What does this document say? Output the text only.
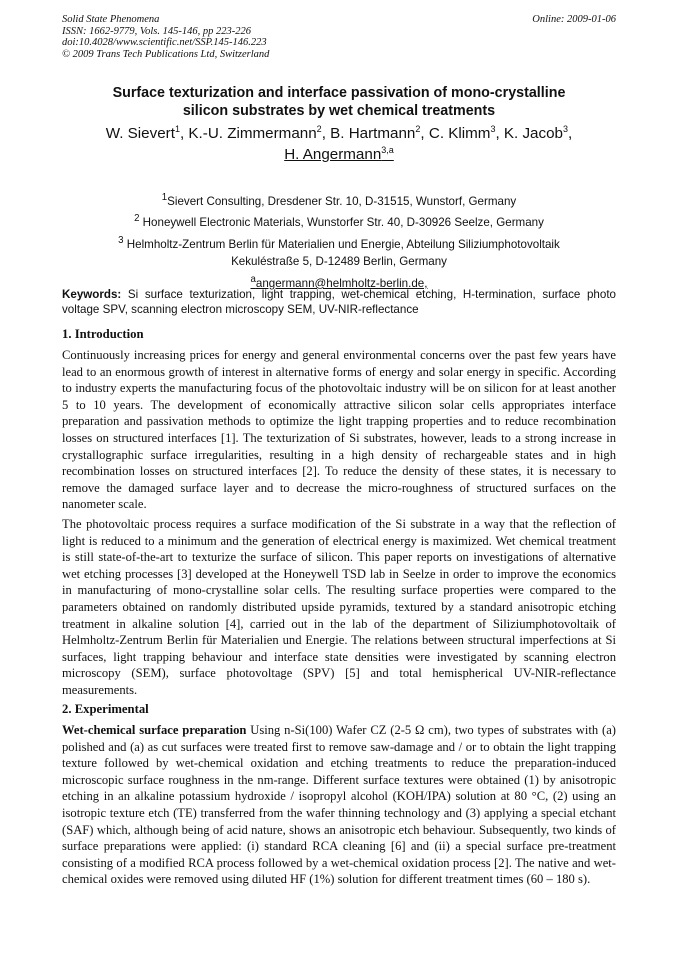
Solid State Phenomena
ISSN: 1662-9779, Vols. 145-146, pp 223-226
doi:10.4028/www.scientific.net/SSP.145-146.223
© 2009 Trans Tech Publications Ltd, Switzerland
Online: 2009-01-06
Surface texturization and interface passivation of mono-crystalline
silicon substrates by wet chemical treatments
W. Sievert$^1$, K.-U. Zimmermann$^2$, B. Hartmann$^2$, C. Klimm$^3$, K. Jacob$^3$,
H. Angermann$^{3,a}$
$^1$Sievert Consulting, Dresdener Str. 10, D-31515, Wunstorf, Germany
$^2$ Honeywell Electronic Materials, Wunstorfer Str. 40, D-30926 Seelze, Germany
$^3$ Helmholtz-Zentrum Berlin für Materialien und Energie, Abteilung Siliziumphotovoltaik
Kekuléstraße 5, D-12489 Berlin, Germany
$^a$angermann@helmholtz-berlin.de,
Keywords: Si surface texturization, light trapping, wet-chemical etching, H-termination, surface photo voltage SPV, scanning electron microscopy SEM, UV-NIR-reflectance
1. Introduction
Continuously increasing prices for energy and general environmental concerns over the past few years have lead to an enormous growth of interest in alternative forms of energy and solar energy in specific. According to industry experts the manufacturing focus of the photovoltaic industry will be on silicon for at least another 5 to 10 years. The development of economically attractive silicon solar cells appropriates interface preparation and passivation methods to optimize the light trapping properties and to reduce recombination losses on structured interfaces [1]. The texturization of Si substrates, however, leads to a strong increase in crystallographic surface irregularities, resulting in a high density of rechargeable states and in high recombination losses on structured interfaces [2]. To reduce the density of these states, it is necessary to remove the damaged surface layer and to decrease the micro-roughness of structured surfaces on the nanometer scale.
The photovoltaic process requires a surface modification of the Si substrate in a way that the reflection of light is reduced to a minimum and the generation of electrical energy is maximized. Wet chemical treatment is still state-of-the-art to texturize the surface of silicon. This paper reports on investigations of alternative wet etching processes [3] developed at the Honeywell TSD lab in Seelze in order to improve the economics in manufacturing of mono-crystalline solar cells. The resulting surface properties were compared to the parameters obtained on randomly distributed upside pyramids, textured by a standard anisotropic etching treatment in alkaline solution [4], carried out in the lab of the department of Siliziumphotovoltaik of Helmholtz-Zentrum Berlin für Materialien und Energie. The relations between structural imperfections at Si surfaces, light trapping behaviour and interface state densities were investigated by scanning electron microscopy (SEM), surface photovoltage (SPV) [5] and total hemispherical UV-NIR-reflectance measurements.
2. Experimental
Wet-chemical surface preparation Using n-Si(100) Wafer CZ (2-5 Ω cm), two types of substrates with (a) polished and (a) as cut surfaces were treated first to remove saw-damage and / or to obtain the light trapping texture followed by wet-chemical oxidation and etching treatments to reduce the preparation-induced microscopic surface roughness in the nm-range. Different surface textures were obtained (1) by anisotropic etching in an alkaline potassium hydroxide / isopropyl alcohol (KOH/IPA) solution at 80 °C, (2) using an isotropic texture etch (TE) transferred from the wafer thinning technology and (3) applying a special etchant (SAF) which, although being of acid nature, shows an anisotropic etch behaviour. Subsequently, two kinds of surface preparations were applied: (i) standard RCA cleaning [6] and (ii) a special surface pre-treatment consisting of a modified RCA process followed by a wet-chemical oxidation process [2]. The native and wet-chemical oxides were removed using diluted HF (1%) solution for different treatment times (60 – 180 s).
